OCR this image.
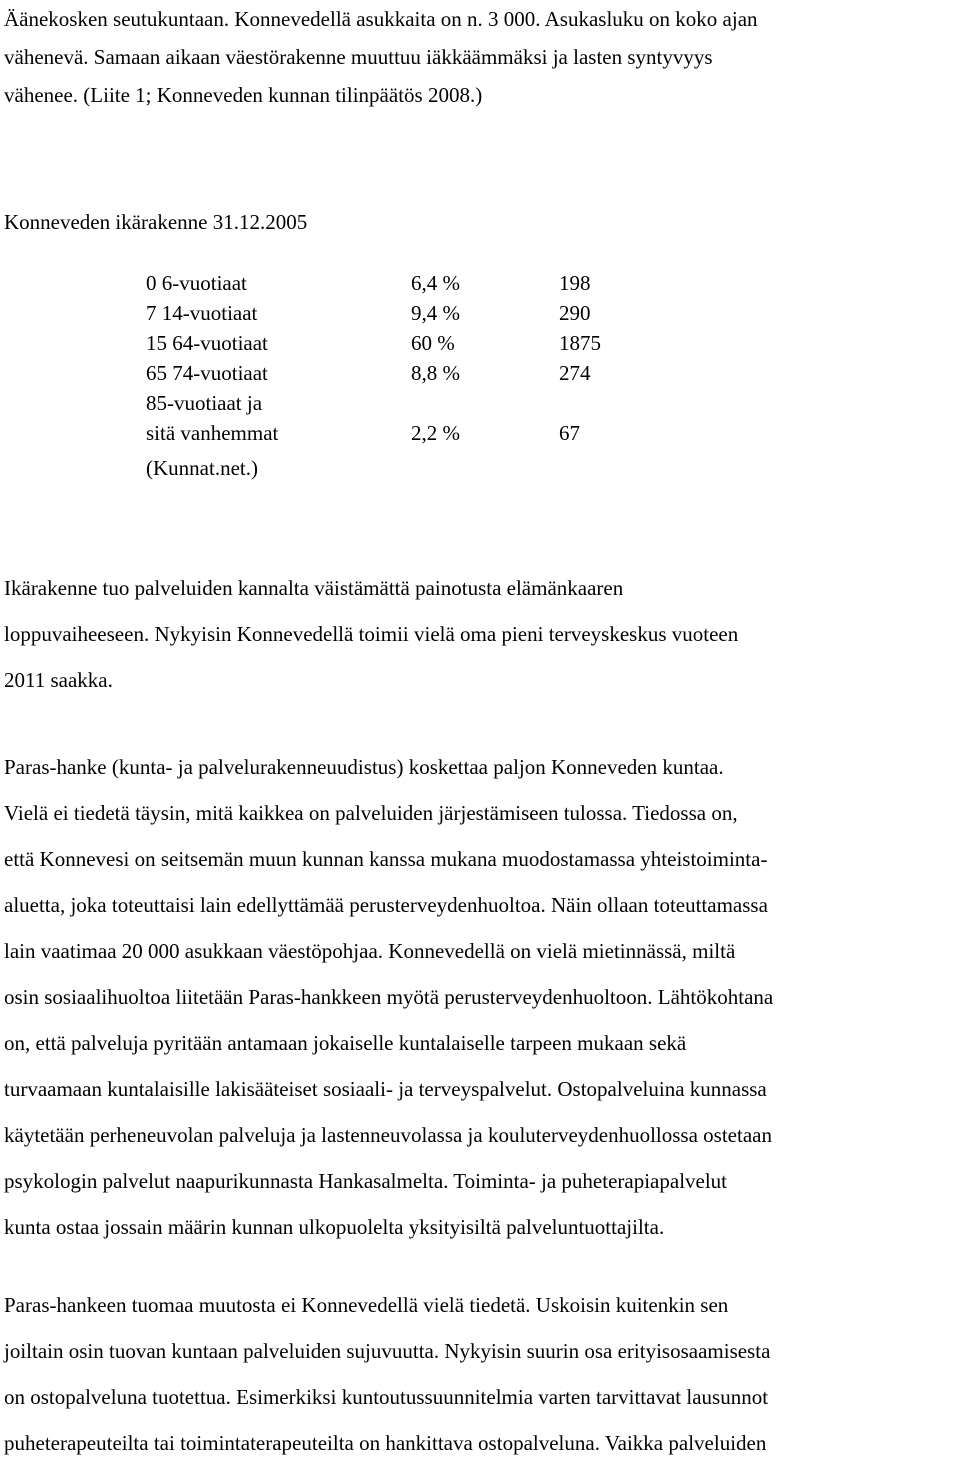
Äänekosken seutukuntaan. Konnevedellä asukkaita on n. 3 000. Asukasluku on koko ajan
vähenevä. Samaan aikaan väestörakenne muuttuu iäkkäämmäksi ja lasten syntyvyys
vähenee. (Liite 1; Konneveden kunnan tilinpäätös 2008.)
Konneveden ikärakenne 31.12.2005
0 6-vuotiaat	6,4 %	198
7 14-vuotiaat	9,4 %	290
15 64-vuotiaat	60 %	1875
65 74-vuotiaat	8,8 %	274
85-vuotiaat ja		
sitä vanhemmat	2,2 %	67
(Kunnat.net.)
Ikärakenne tuo palveluiden kannalta väistämättä painotusta elämänkaaren
loppuvaiheeseen. Nykyisin Konnevedellä toimii vielä oma pieni terveyskeskus vuoteen
2011 saakka.
Paras-hanke (kunta- ja palvelurakenneuudistus) koskettaa paljon Konneveden kuntaa.
Vielä ei tiedetä täysin, mitä kaikkea on palveluiden järjestämiseen tulossa. Tiedossa on,
että Konnevesi on seitsemän muun kunnan kanssa mukana muodostamassa yhteistoiminta-
aluetta, joka toteuttaisi lain edellyttämää perusterveydenhuoltoa. Näin ollaan toteuttamassa
lain vaatimaa 20 000 asukkaan väestöpohjaa. Konnevedellä on vielä mietinnässä, miltä
osin sosiaalihuoltoa liitetään Paras-hankkeen myötä perusterveydenhuoltoon. Lähtökohtana
on, että palveluja pyritään antamaan jokaiselle kuntalaiselle tarpeen mukaan sekä
turvaamaan kuntalaisille lakisääteiset sosiaali- ja terveyspalvelut. Ostopalveluina kunnassa
käytetään perheneuvolan palveluja ja lastenneuvolassa ja kouluterveydenhuollossa ostetaan
psykologin palvelut naapurikunnasta Hankasalmelta. Toiminta- ja puheterapiapalvelut
kunta ostaa jossain määrin kunnan ulkopuolelta yksityisiltä palveluntuottajilta.
Paras-hankeen tuomaa muutosta ei Konnevedellä vielä tiedetä. Uskoisin kuitenkin sen
joiltain osin tuovan kuntaan palveluiden sujuvuutta. Nykyisin suurin osa erityisosaamisesta
on ostopalveluna tuotettua. Esimerkiksi kuntoutussuunnitelmia varten tarvittavat lausunnot
puheterapeuteilta tai toimintaterapeuteilta on hankittava ostopalveluna. Vaikka palveluiden
